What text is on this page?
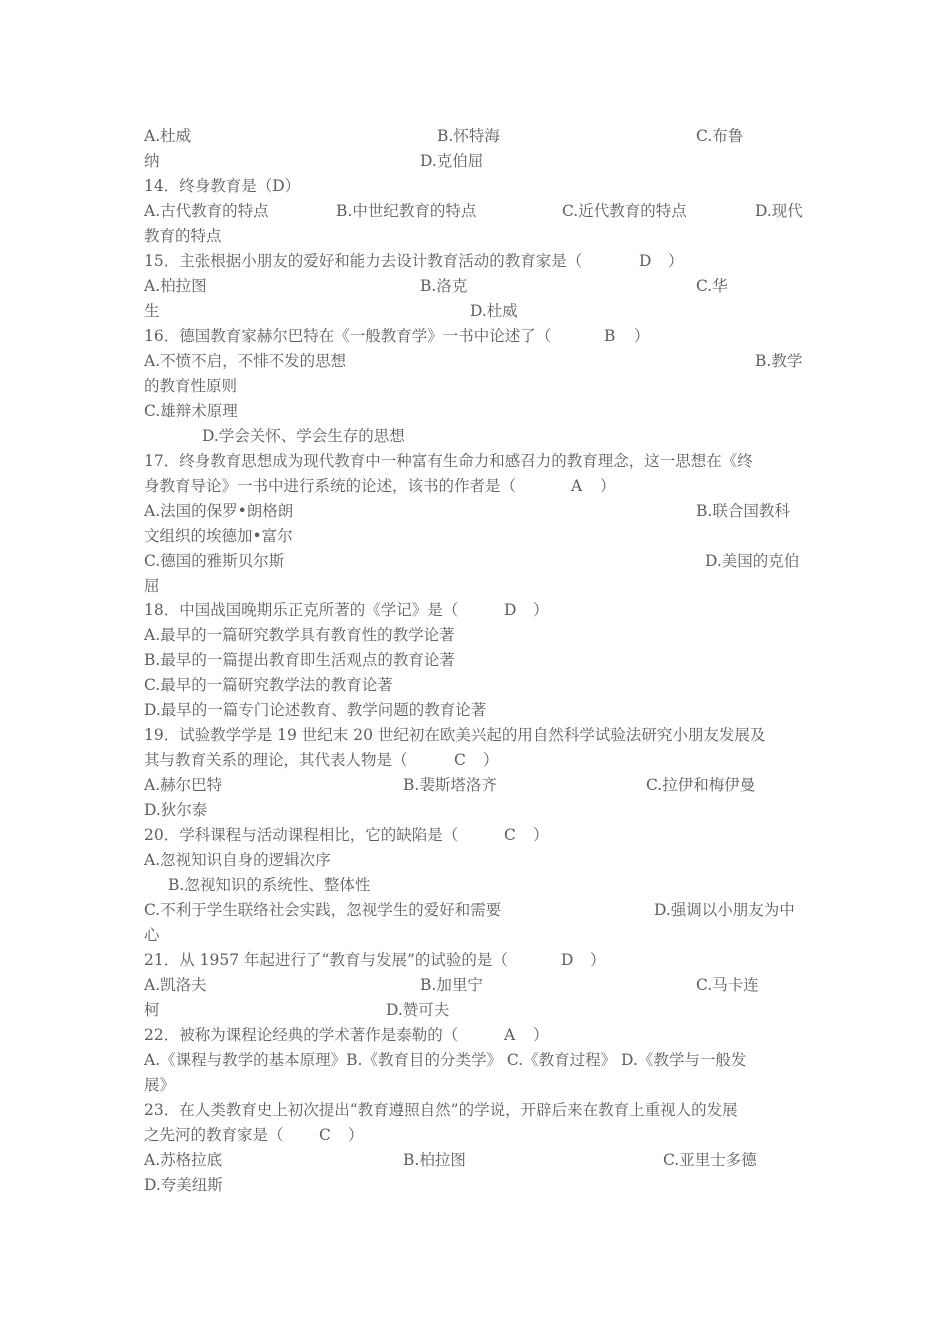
A.杜威	B.怀特海	C.布鲁
纳	D.克伯屈
14．终身教育是（D）
A.古代教育的特点	B.中世纪教育的特点	C.近代教育的特点	D.现代
教育的特点
15．主张根据小朋友的爱好和能力去设计教育活动的教育家是（	D ）
A.柏拉图	B.洛克	C.华
生	D.杜威
16．德国教育家赫尔巴特在《一般教育学》一书中论述了（	B ）
A.不愤不启，不悱不发的思想	B.教学
的教育性原则
C.雄辩术原理
D.学会关怀、学会生存的思想
17．终身教育思想成为现代教育中一种富有生命力和感召力的教育理念，这一思想在《终
身教育导论》一书中进行系统的论述，该书的作者是（	A ）
A.法国的保罗•朗格朗	B.联合国教科
文组织的埃德加•富尔
C.德国的雅斯贝尔斯	D.美国的克伯
屈
18．中国战国晚期乐正克所著的《学记》是（	D ）
A.最早的一篇研究教学具有教育性的教学论著
B.最早的一篇提出教育即生活观点的教育论著
C.最早的一篇研究教学法的教育论著
D.最早的一篇专门论述教育、教学问题的教育论著
19．试验教学学是 19 世纪末 20 世纪初在欧美兴起的用自然科学试验法研究小朋友发展及
其与教育关系的理论，其代表人物是（	C ）
A.赫尔巴特	B.裴斯塔洛齐	C.拉伊和梅伊曼
D.狄尔泰
20．学科课程与活动课程相比，它的缺陷是（	C ）
A.忽视知识自身的逻辑次序
B.忽视知识的系统性、整体性
C.不利于学生联络社会实践，忽视学生的爱好和需要	D.强调以小朋友为中
心
21．从 1957 年起进行了“教育与发展”的试验的是（	D ）
A.凯洛夫	B.加里宁	C.马卡连
柯	D.赞可夫
22．被称为课程论经典的学术著作是泰勒的（	A ）
A.《课程与教学的基本原理》B.《教育目的分类学》 C.《教育过程》 D.《教学与一般发
展》
23．在人类教育史上初次提出“教育遵照自然”的学说，开辟后来在教育上重视人的发展
之先河的教育家是（ C ）
A.苏格拉底	B.柏拉图	C.亚里士多德
D.夸美纽斯
